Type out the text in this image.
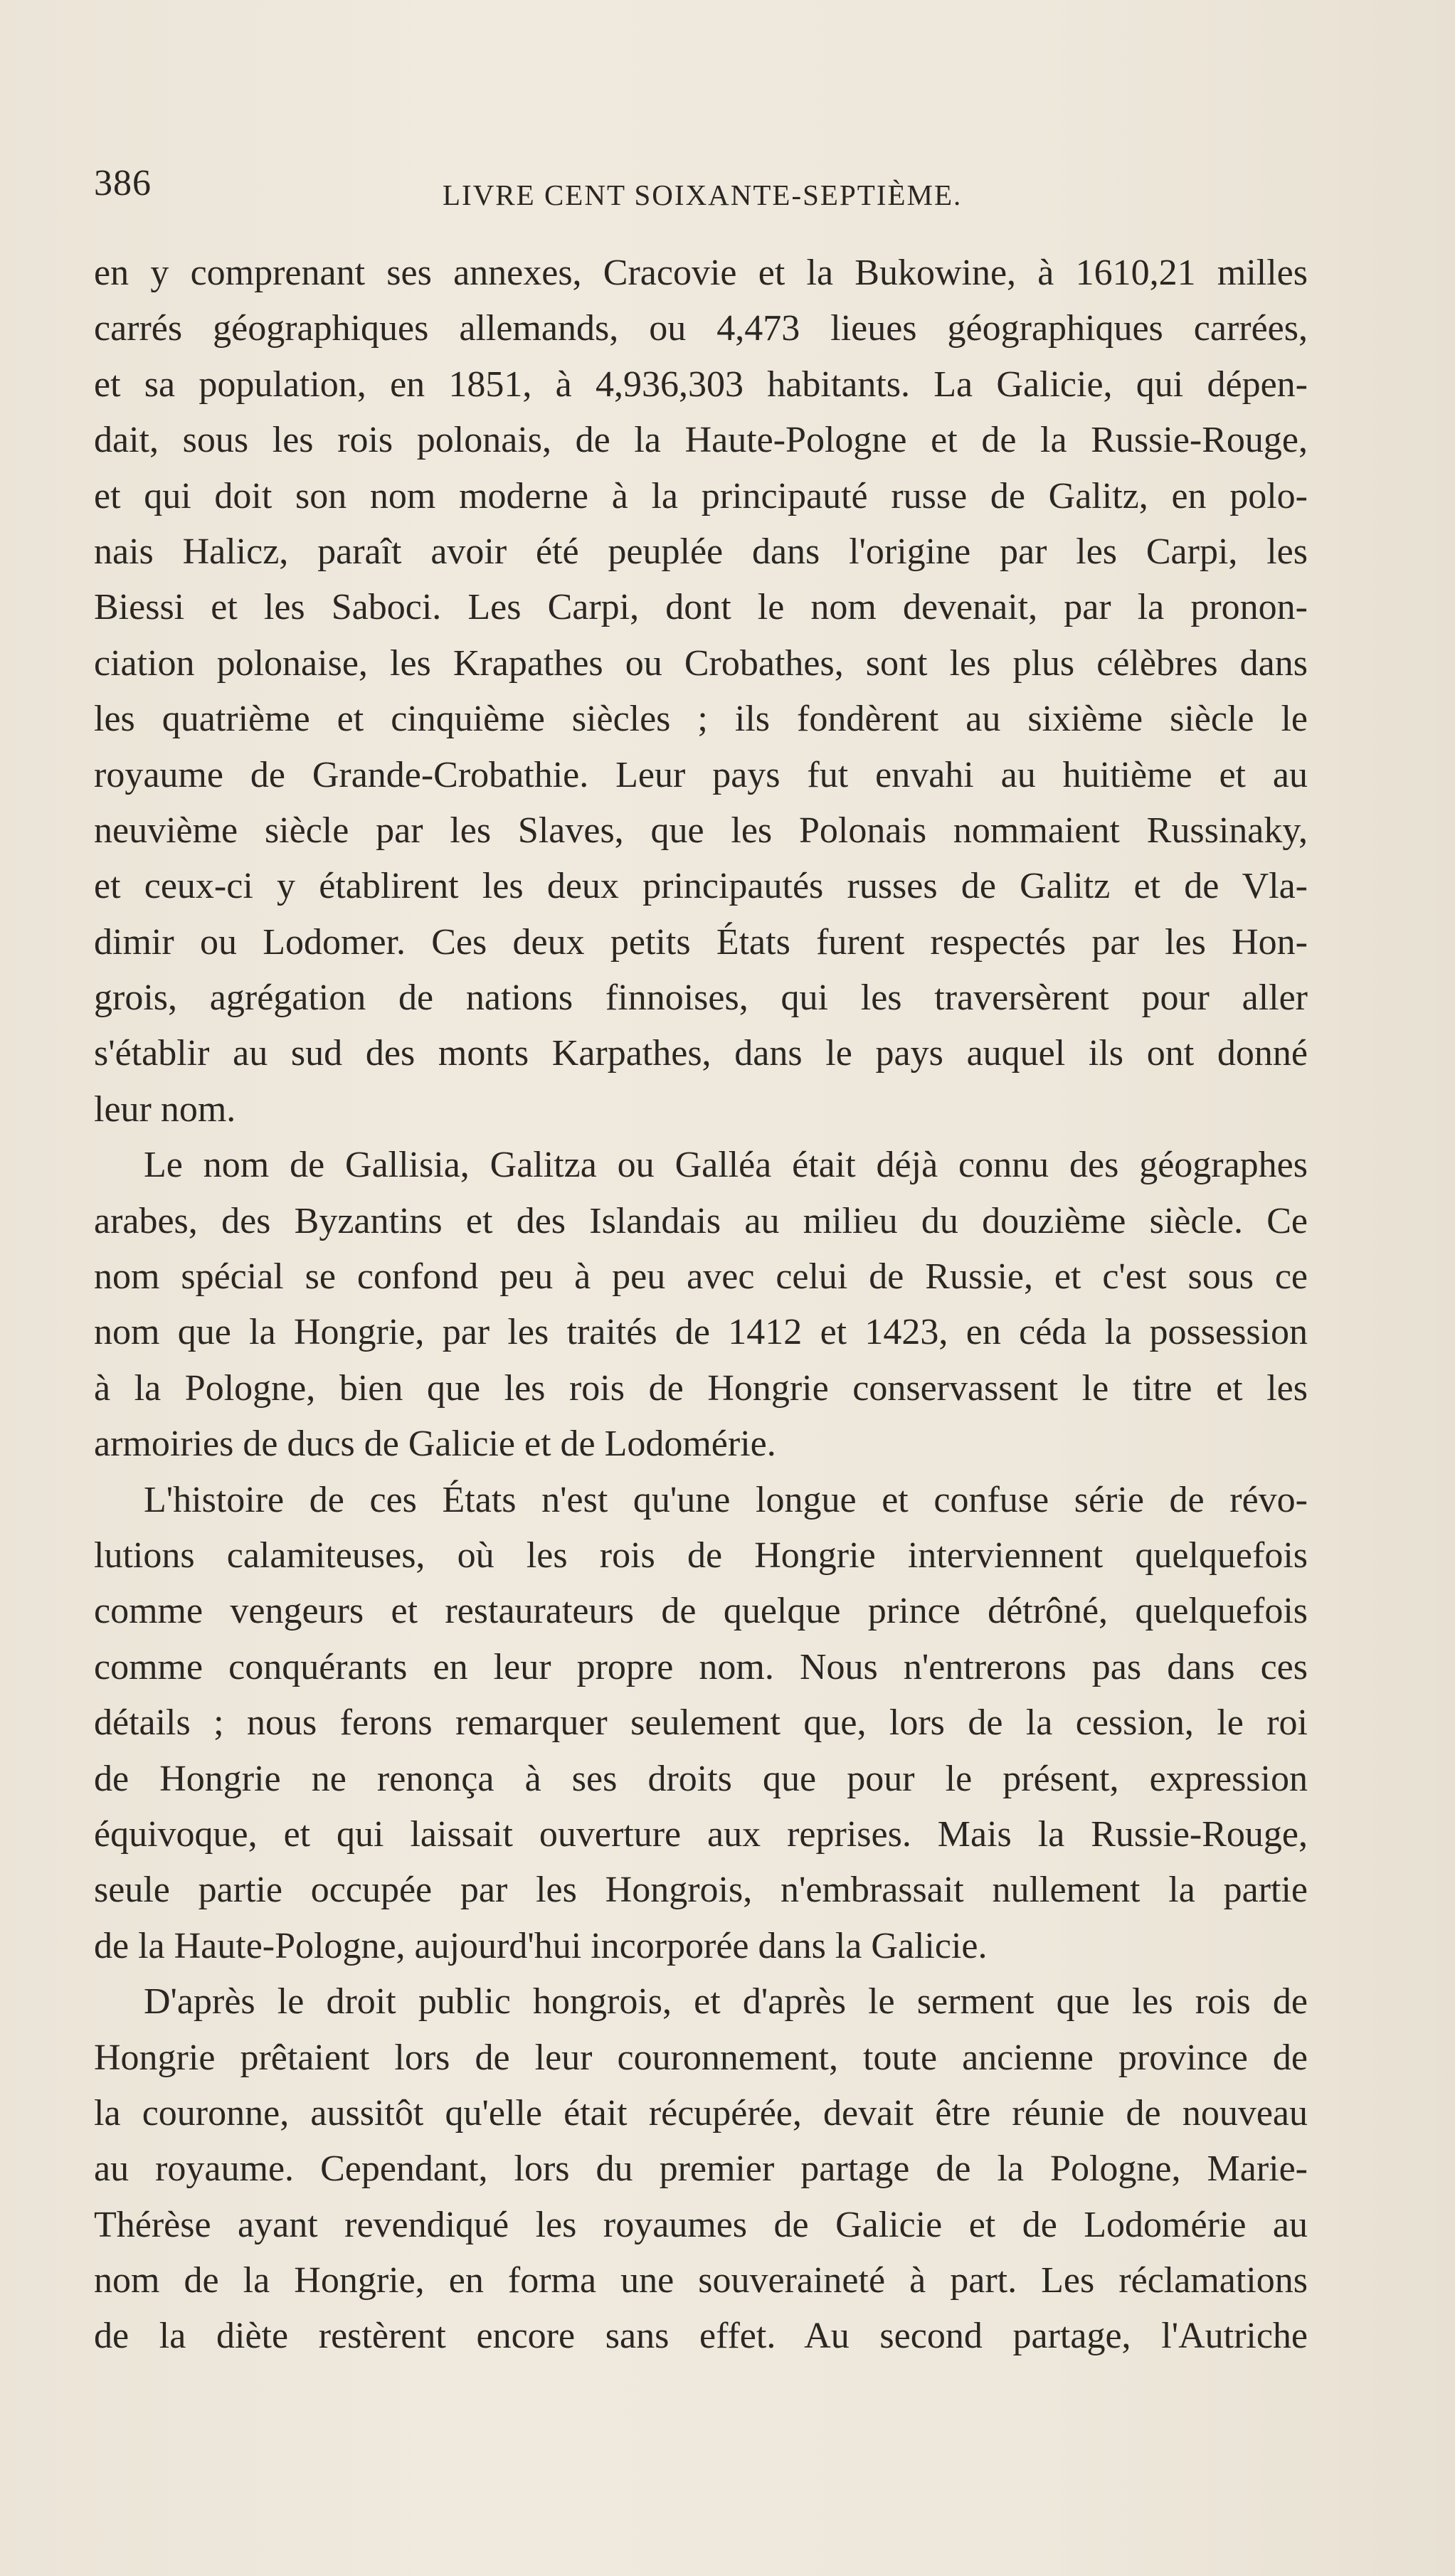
386	LIVRE CENT SOIXANTE-SEPTIÈME.
en y comprenant ses annexes, Cracovie et la Bukowine, à 1610,21 milles
carrés géographiques allemands, ou 4,473 lieues géographiques carrées,
et sa population, en 1851, à 4,936,303 habitants. La Galicie, qui dépen-
dait, sous les rois polonais, de la Haute-Pologne et de la Russie-Rouge,
et qui doit son nom moderne à la principauté russe de Galitz, en polo-
nais Halicz, paraît avoir été peuplée dans l'origine par les Carpi, les
Biessi et les Saboci. Les Carpi, dont le nom devenait, par la pronon-
ciation polonaise, les Krapathes ou Crobathes, sont les plus célèbres dans
les quatrième et cinquième siècles ; ils fondèrent au sixième siècle le
royaume de Grande-Crobathie. Leur pays fut envahi au huitième et au
neuvième siècle par les Slaves, que les Polonais nommaient Russinaky,
et ceux-ci y établirent les deux principautés russes de Galitz et de Vla-
dimir ou Lodomer. Ces deux petits États furent respectés par les Hon-
grois, agrégation de nations finnoises, qui les traversèrent pour aller
s'établir au sud des monts Karpathes, dans le pays auquel ils ont donné
leur nom.
Le nom de Gallisia, Galitza ou Galléa était déjà connu des géographes
arabes, des Byzantins et des Islandais au milieu du douzième siècle. Ce
nom spécial se confond peu à peu avec celui de Russie, et c'est sous ce
nom que la Hongrie, par les traités de 1412 et 1423, en céda la possession
à la Pologne, bien que les rois de Hongrie conservassent le titre et les
armoiries de ducs de Galicie et de Lodomérie.
L'histoire de ces États n'est qu'une longue et confuse série de révo-
lutions calamiteuses, où les rois de Hongrie interviennent quelquefois
comme vengeurs et restaurateurs de quelque prince détrôné, quelquefois
comme conquérants en leur propre nom. Nous n'entrerons pas dans ces
détails ; nous ferons remarquer seulement que, lors de la cession, le roi
de Hongrie ne renonça à ses droits que pour le présent, expression
équivoque, et qui laissait ouverture aux reprises. Mais la Russie-Rouge,
seule partie occupée par les Hongrois, n'embrassait nullement la partie
de la Haute-Pologne, aujourd'hui incorporée dans la Galicie.
D'après le droit public hongrois, et d'après le serment que les rois de
Hongrie prêtaient lors de leur couronnement, toute ancienne province de
la couronne, aussitôt qu'elle était récupérée, devait être réunie de nouveau
au royaume. Cependant, lors du premier partage de la Pologne, Marie-
Thérèse ayant revendiqué les royaumes de Galicie et de Lodomérie au
nom de la Hongrie, en forma une souveraineté à part. Les réclamations
de la diète restèrent encore sans effet. Au second partage, l'Autriche
